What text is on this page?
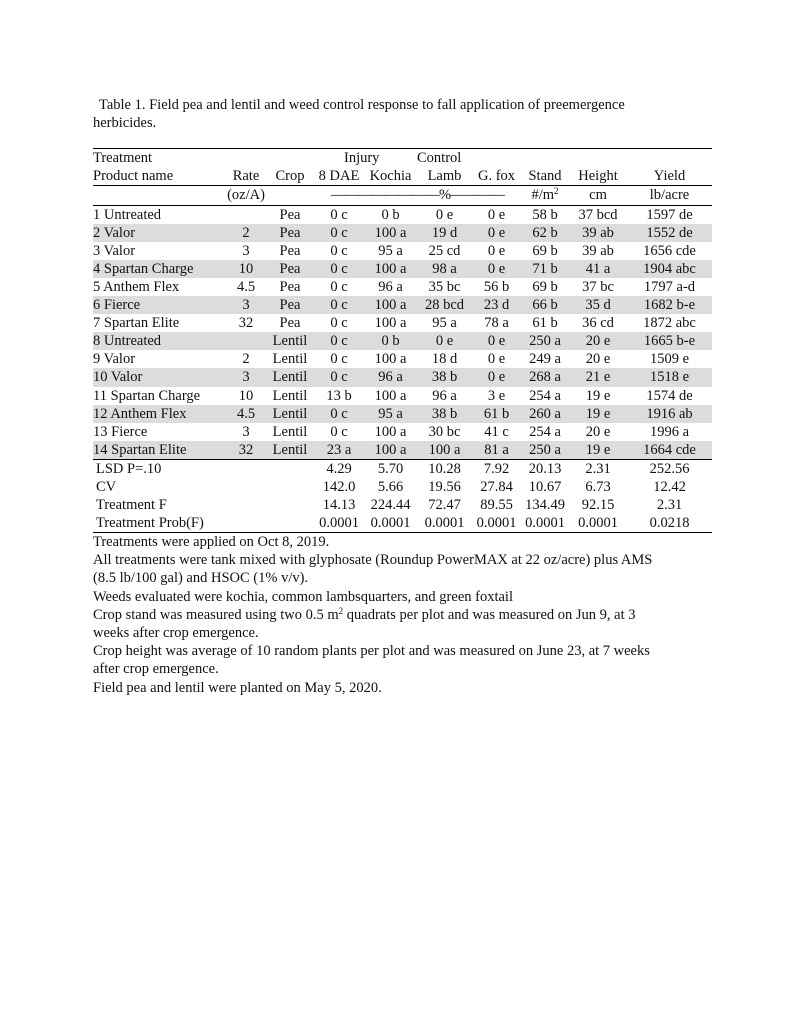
Table 1. Field pea and lentil and weed control response to fall application of preemergence
herbicides.
Treatment			Injury		Control				
Product name	Rate	Crop	8 DAE	Kochia	Lamb	G. fox	Stand	Height	Yield
	(oz/A)		————————%————				$\#/m^2$	cm	lb/acre
1 Untreated		Pea	0 c	0 b	0 e	0 e	58 b	37 bcd	1597 de
2 Valor	2	Pea	0 c	100 a	19 d	0 e	62 b	39 ab	1552 de
3 Valor	3	Pea	0 c	95 a	25 cd	0 e	69 b	39 ab	1656 cde
4 Spartan Charge	10	Pea	0 c	100 a	98 a	0 e	71 b	41 a	1904 abc
5 Anthem Flex	4.5	Pea	0 c	96 a	35 bc	56 b	69 b	37 bc	1797 a-d
6 Fierce	3	Pea	0 c	100 a	28 bcd	23 d	66 b	35 d	1682 b-e
7 Spartan Elite	32	Pea	0 c	100 a	95 a	78 a	61 b	36 cd	1872 abc
8 Untreated		Lentil	0 c	0 b	0 e	0 e	250 a	20 e	1665 b-e
9 Valor	2	Lentil	0 c	100 a	18 d	0 e	249 a	20 e	1509 e
10 Valor	3	Lentil	0 c	96 a	38 b	0 e	268 a	21 e	1518 e
11 Spartan Charge	10	Lentil	13 b	100 a	96 a	3 e	254 a	19 e	1574 de
12 Anthem Flex	4.5	Lentil	0 c	95 a	38 b	61 b	260 a	19 e	1916 ab
13 Fierce	3	Lentil	0 c	100 a	30 bc	41 c	254 a	20 e	1996 a
14 Spartan Elite	32	Lentil	23 a	100 a	100 a	81 a	250 a	19 e	1664 cde
LSD P=.10			4.29	5.70	10.28	7.92	20.13	2.31	252.56
CV			142.0	5.66	19.56	27.84	10.67	6.73	12.42
Treatment F			14.13	224.44	72.47	89.55	134.49	92.15	2.31
Treatment Prob(F)			0.0001	0.0001	0.0001	0.0001	0.0001	0.0001	0.0218

Treatments were applied on Oct 8, 2019.

All treatments were tank mixed with glyphosate (Roundup PowerMAX at 22 oz/acre) plus AMS

(8.5 lb/100 gal) and HSOC (1% v/v).

Weeds evaluated were kochia, common lambsquarters, and green foxtail

Crop stand was measured using two 0.5 $m^2$ quadrats per plot and was measured on Jun 9, at 3

weeks after crop emergence.

Crop height was average of 10 random plants per plot and was measured on June 23, at 7 weeks

after crop emergence.

Field pea and lentil were planted on May 5, 2020.
